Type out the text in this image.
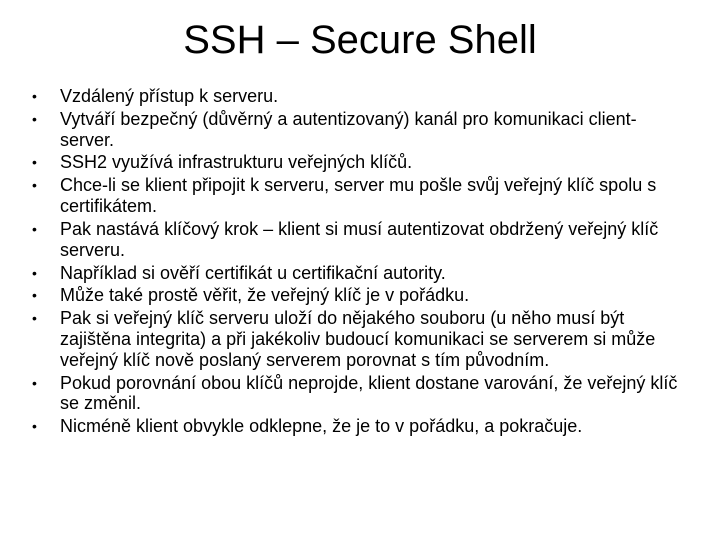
SSH – Secure Shell
• Vzdálený přístup k serveru.
• Vytváří bezpečný (důvěrný a autentizovaný) kanál pro komunikaci client-server.
• SSH2 využívá infrastrukturu veřejných klíčů.
• Chce-li se klient připojit k serveru, server mu pošle svůj veřejný klíč spolu s certifikátem.
• Pak nastává klíčový krok – klient si musí autentizovat obdržený veřejný klíč serveru.
• Například si ověří certifikát u certifikační autority.
• Může také prostě věřit, že veřejný klíč je v pořádku.
• Pak si veřejný klíč serveru uloží do nějakého souboru (u něho musí být zajištěna integrita) a při jakékoliv budoucí komunikaci se serverem si může veřejný klíč nově poslaný serverem porovnat s tím původním.
• Pokud porovnání obou klíčů neprojde, klient dostane varování, že veřejný klíč se změnil.
• Nicméně klient obvykle odklepne, že je to v pořádku, a pokračuje.
